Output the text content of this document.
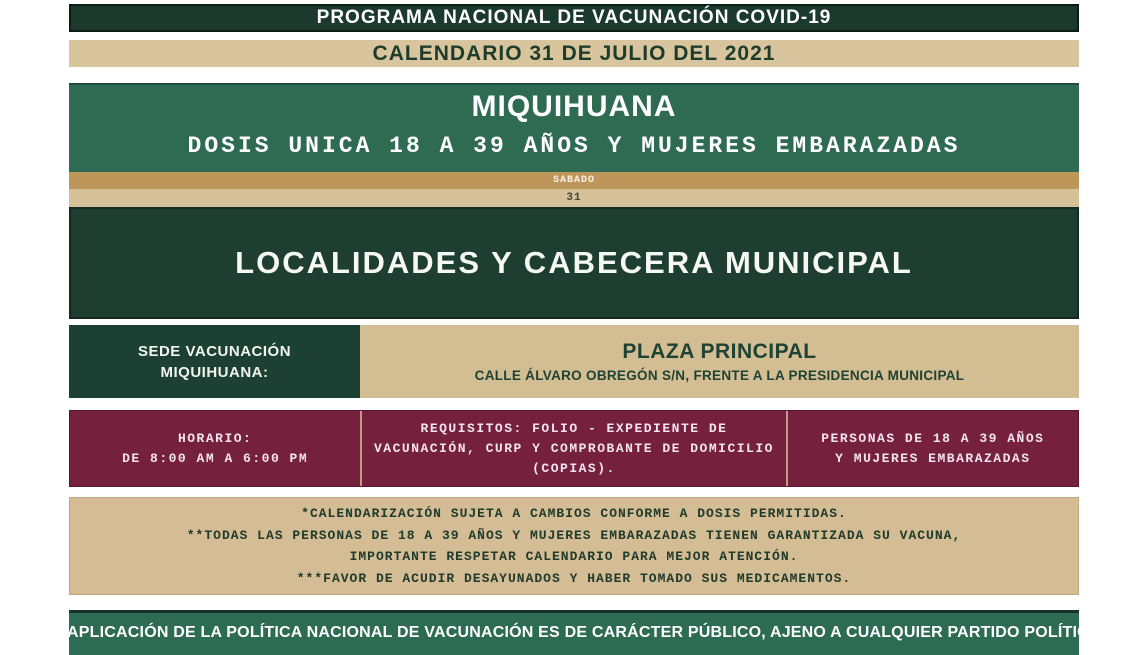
PROGRAMA NACIONAL DE VACUNACIÓN COVID-19
CALENDARIO 31 DE JULIO DEL 2021
MIQUIHUANA
DOSIS UNICA 18 A 39 AÑOS Y MUJERES EMBARAZADAS
SABADO
31
LOCALIDADES Y CABECERA MUNICIPAL
SEDE VACUNACIÓN
MIQUIHUANA:
PLAZA PRINCIPAL
CALLE ÁLVARO OBREGÓN S/N, FRENTE A LA PRESIDENCIA MUNICIPAL
HORARIO:
DE 8:00 AM A 6:00 PM
REQUISITOS: FOLIO - EXPEDIENTE DE VACUNACIÓN, CURP Y COMPROBANTE DE DOMICILIO (COPIAS).
PERSONAS DE 18 A 39 AÑOS
Y MUJERES EMBARAZADAS
*CALENDARIZACIÓN SUJETA A CAMBIOS CONFORME A DOSIS PERMITIDAS.
**TODAS LAS PERSONAS DE 18 A 39 AÑOS Y MUJERES EMBARAZADAS TIENEN GARANTIZADA SU VACUNA,
IMPORTANTE RESPETAR CALENDARIO PARA MEJOR ATENCIÓN.
***FAVOR DE ACUDIR DESAYUNADOS Y HABER TOMADO SUS MEDICAMENTOS.
LA APLICACIÓN DE LA POLÍTICA NACIONAL DE VACUNACIÓN ES DE CARÁCTER PÚBLICO, AJENO A CUALQUIER PARTIDO POLÍTICO,
